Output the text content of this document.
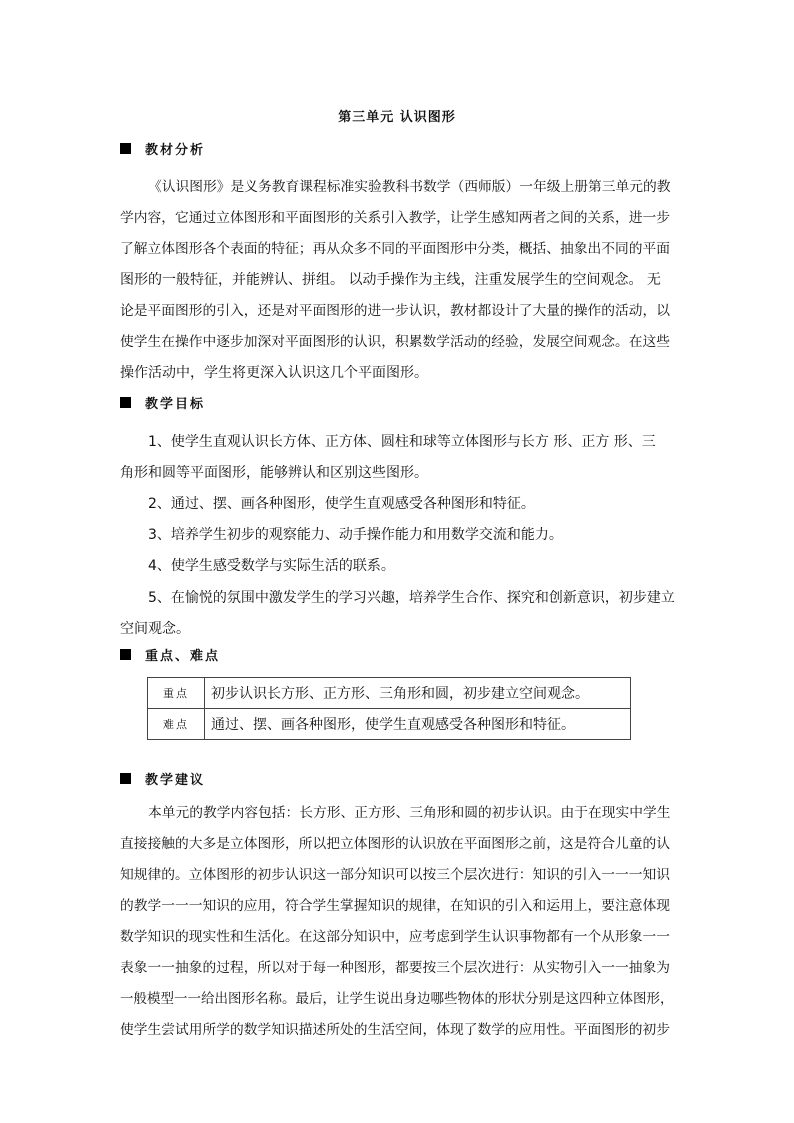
第三单元 认识图形
教材分析
《认识图形》是义务教育课程标准实验教科书数学（西师版）一年级上册第三单元的教
学内容，它通过立体图形和平面图形的关系引入教学，让学生感知两者之间的关系，进一步
了解立体图形各个表面的特征；再从众多不同的平面图形中分类，概括、抽象出不同的平面
图形的一般特征，并能辨认、拼组。 以动手操作为主线，注重发展学生的空间观念。 无
论是平面图形的引入，还是对平面图形的进一步认识，教材都设计了大量的操作的活动，以
使学生在操作中逐步加深对平面图形的认识，积累数学活动的经验，发展空间观念。在这些
操作活动中，学生将更深入认识这几个平面图形。
教学目标
1、使学生直观认识长方体、正方体、圆柱和球等立体图形与长方 形、正方 形、三
角形和圆等平面图形，能够辨认和区别这些图形。
2、通过、摆、画各种图形，使学生直观感受各种图形和特征。
3、培养学生初步的观察能力、动手操作能力和用数学交流和能力。
4、使学生感受数学与实际生活的联系。
5、在愉悦的氛围中激发学生的学习兴趣，培养学生合作、探究和创新意识，初步建立
空间观念。
重点、难点
重点	初步认识长方形、正方形、三角形和圆，初步建立空间观念。
难点	通过、摆、画各种图形，使学生直观感受各种图形和特征。
教学建议
本单元的教学内容包括：长方形、正方形、三角形和圆的初步认识。由于在现实中学生
直接接触的大多是立体图形，所以把立体图形的认识放在平面图形之前，这是符合儿童的认
知规律的。立体图形的初步认识这一部分知识可以按三个层次进行：知识的引入一一一知识
的教学一一一知识的应用，符合学生掌握知识的规律，在知识的引入和运用上，要注意体现
数学知识的现实性和生活化。在这部分知识中，应考虑到学生认识事物都有一个从形象一一
表象一一抽象的过程，所以对于每一种图形，都要按三个层次进行：从实物引入一一抽象为
一般模型一一给出图形名称。最后，让学生说出身边哪些物体的形状分别是这四种立体图形，
使学生尝试用所学的数学知识描述所处的生活空间，体现了数学的应用性。平面图形的初步
